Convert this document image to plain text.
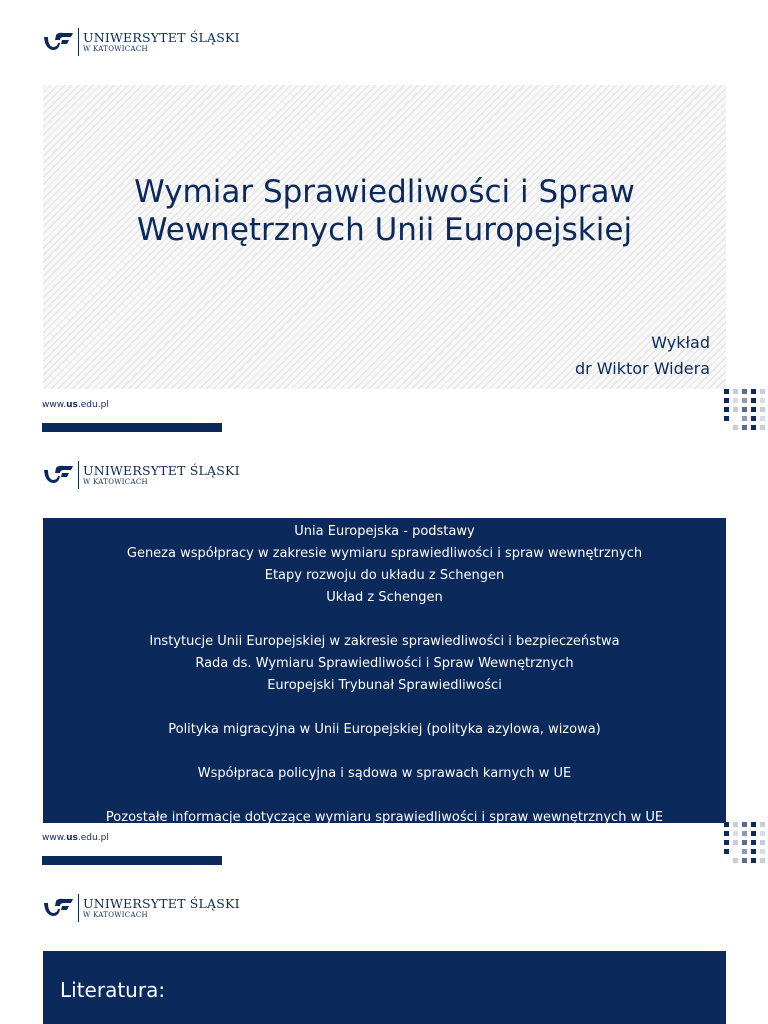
UNIWERSYTET ŚLĄSKI
W KATOWICACH
Wymiar Sprawiedliwości i Spraw
Wewnętrznych Unii Europejskiej
Wykład
dr Wiktor Widera
www.us.edu.pl
UNIWERSYTET ŚLĄSKI
W KATOWICACH
Unia Europejska - podstawy
Geneza współpracy w zakresie wymiaru sprawiedliwości i spraw wewnętrznych
Etapy rozwoju do układu z Schengen
Układ z Schengen
Instytucje Unii Europejskiej w zakresie sprawiedliwości i bezpieczeństwa
Rada ds. Wymiaru Sprawiedliwości i Spraw Wewnętrznych
Europejski Trybunał Sprawiedliwości
Polityka migracyjna w Unii Europejskiej (polityka azylowa, wizowa)
Współpraca policyjna i sądowa w sprawach karnych w UE
Pozostałe informacje dotyczące wymiaru sprawiedliwości i spraw wewnętrznych w UE
www.us.edu.pl
UNIWERSYTET ŚLĄSKI
W KATOWICACH
Literatura:
